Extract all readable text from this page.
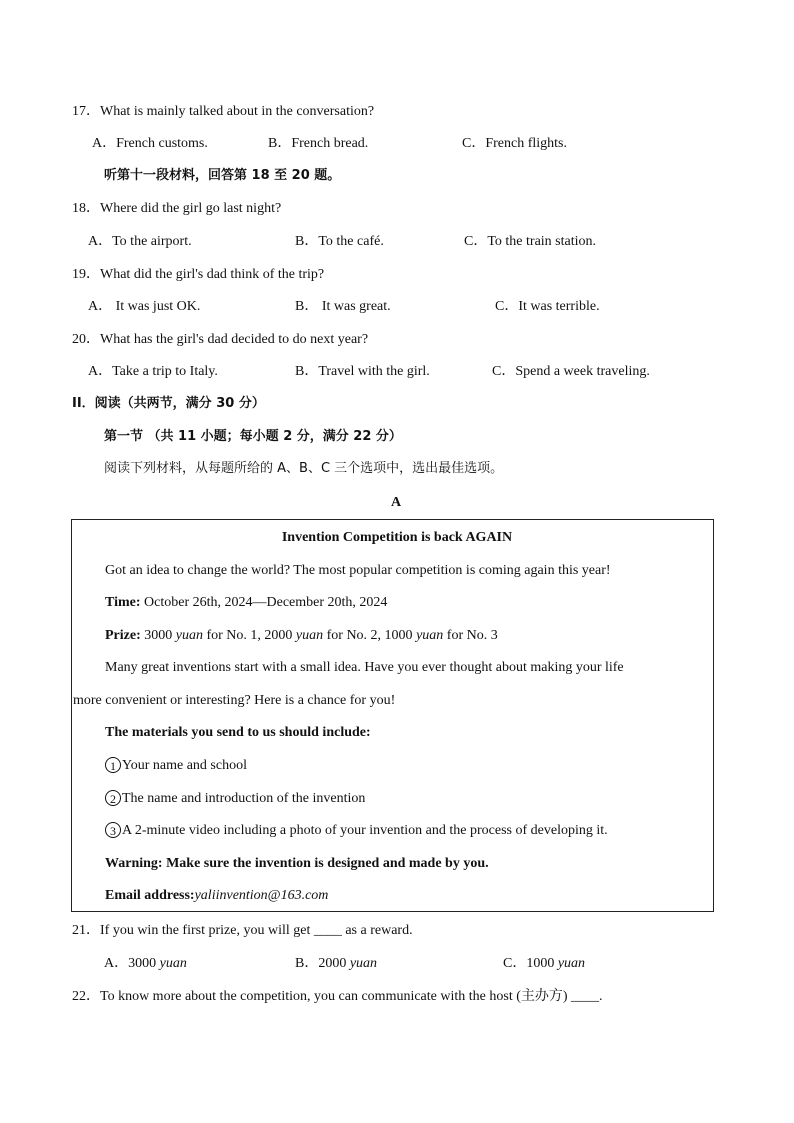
17．What is mainly talked about in the conversation?
A．French customs.	B．French bread.	C．French flights.
听第十一段材料，回答第 18 至 20 题。
18．Where did the girl go last night?
A．To the airport.	B．To the café.	C．To the train station.
19．What did the girl's dad think of the trip?
A． It was just OK.	B． It was great.	C．It was terrible.
20．What has the girl's dad decided to do next year?
A．Take a trip to Italy.	B．Travel with the girl.	C．Spend a week traveling.
II．阅读（共两节，满分 30 分）
第一节 （共 11 小题；每小题 2 分，满分 22 分）
阅读下列材料，从每题所给的 A、B、C 三个选项中，选出最佳选项。
A
Invention Competition is back AGAIN
Got an idea to change the world? The most popular competition is coming again this year!
Time: October 26th, 2024—December 20th, 2024
Prize: 3000 yuan for No. 1, 2000 yuan for No. 2, 1000 yuan for No. 3
Many great inventions start with a small idea. Have you ever thought about making your life
more convenient or interesting? Here is a chance for you!
The materials you send to us should include:
1 Your name and school
2 The name and introduction of the invention
3 A 2-minute video including a photo of your invention and the process of developing it.
Warning: Make sure the invention is designed and made by you.
Email address:yaliinvention@163.com
21．If you win the first prize, you will get ____ as a reward.
A．3000 yuan	B．2000 yuan	C．1000 yuan
22．To know more about the competition, you can communicate with the host (主办方) ____.
